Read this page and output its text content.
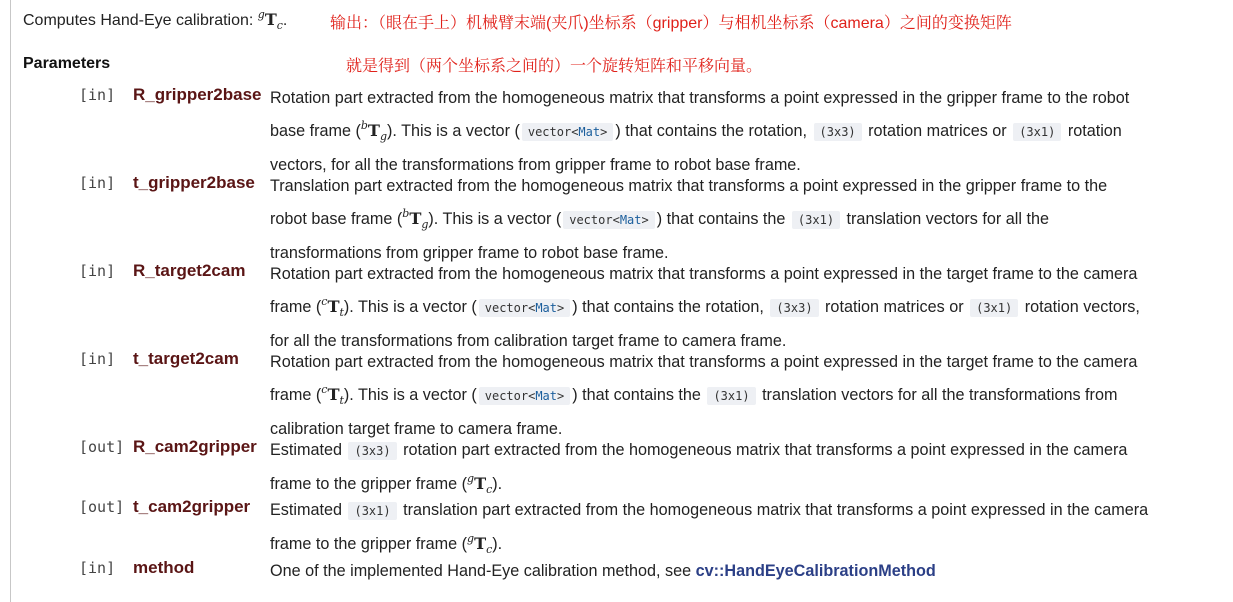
Computes Hand-Eye calibration: $^gT_c$.	输出：（眼在手上）机械臂末端(夹爪)坐标系（gripper）与相机坐标系（camera）之间的变换矩阵
就是得到（两个坐标系之间的）一个旋转矩阵和平移向量。
Parameters
[in] R_gripper2base Rotation part extracted from the homogeneous matrix that transforms a point expressed in the gripper frame to the robot
base frame $(^bT_g)$. This is a vector ( vector<Mat> ) that contains the rotation, (3x3) rotation matrices or (3x1) rotation
vectors, for all the transformations from gripper frame to robot base frame.
[in] t_gripper2base Translation part extracted from the homogeneous matrix that transforms a point expressed in the gripper frame to the
robot base frame $(^bT_g)$. This is a vector ( vector<Mat> ) that contains the (3x1) translation vectors for all the
transformations from gripper frame to robot base frame.
[in] R_target2cam Rotation part extracted from the homogeneous matrix that transforms a point expressed in the target frame to the camera
frame $(^cT_t)$. This is a vector ( vector<Mat> ) that contains the rotation, (3x3) rotation matrices or (3x1) rotation vectors,
for all the transformations from calibration target frame to camera frame.
[in] t_target2cam Rotation part extracted from the homogeneous matrix that transforms a point expressed in the target frame to the camera
frame $(^cT_t)$. This is a vector ( vector<Mat> ) that contains the (3x1) translation vectors for all the transformations from
calibration target frame to camera frame.
[out] R_cam2gripper Estimated (3x3) rotation part extracted from the homogeneous matrix that transforms a point expressed in the camera
frame to the gripper frame $(^gT_c)$.
[out] t_cam2gripper Estimated (3x1) translation part extracted from the homogeneous matrix that transforms a point expressed in the camera
frame to the gripper frame $(^gT_c)$.
[in] method	One of the implemented Hand-Eye calibration method, see cv::HandEyeCalibrationMethod
